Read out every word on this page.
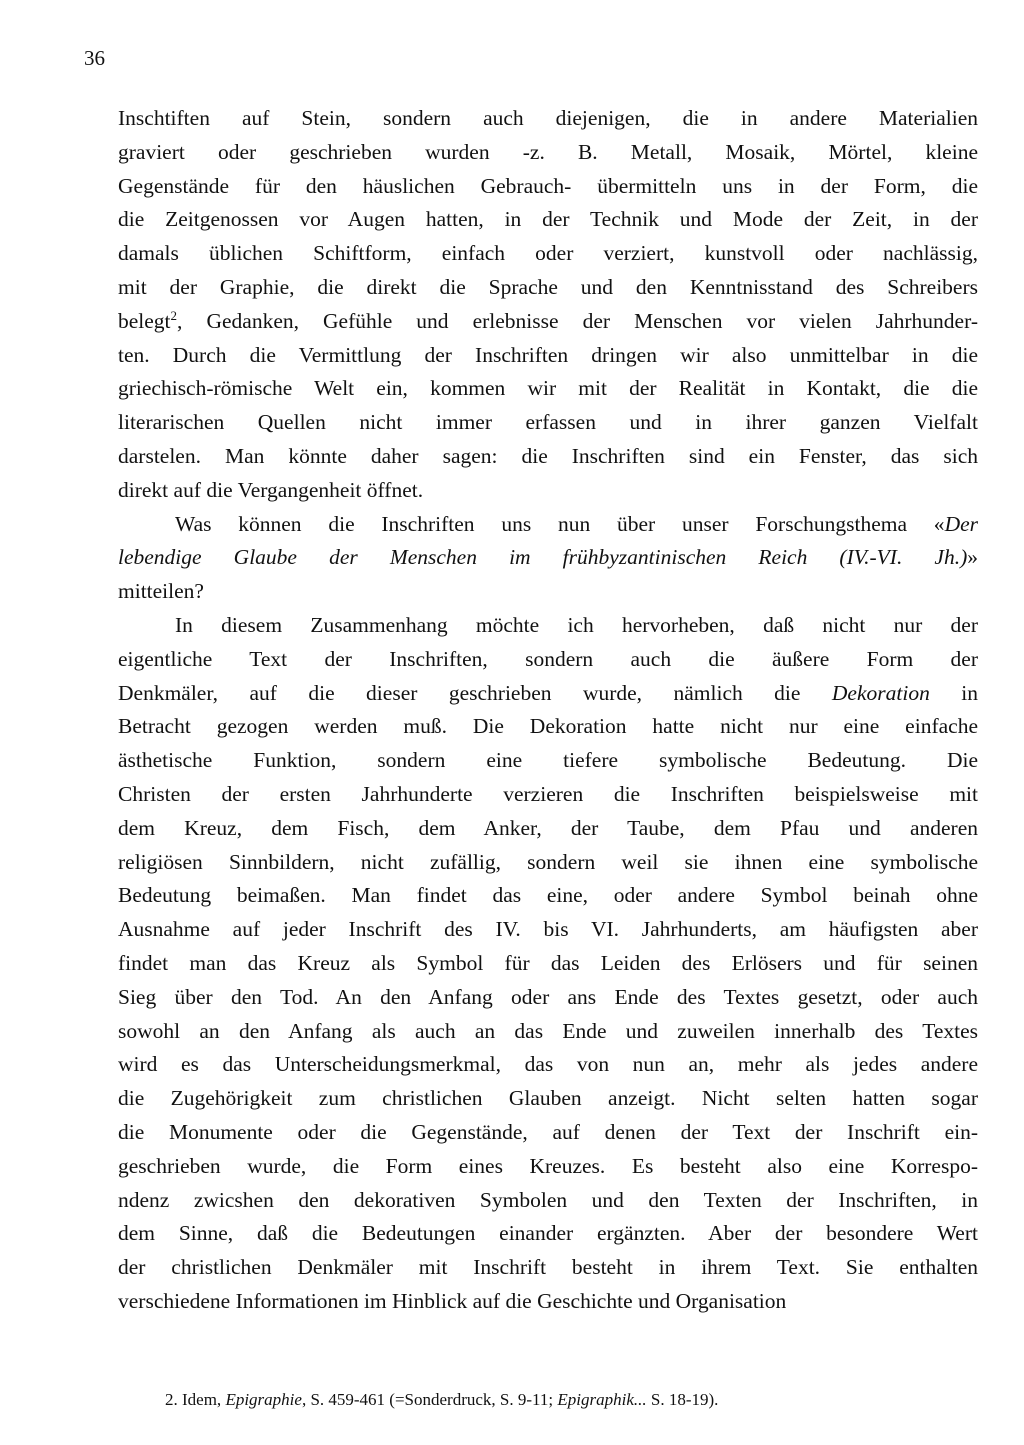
36
Inschtiften auf Stein, sondern auch diejenigen, die in andere Materialien
graviert oder geschrieben wurden -z. B. Metall, Mosaik, Mörtel, kleine
Gegenstände für den häuslichen Gebrauch- übermitteln uns in der Form, die
die Zeitgenossen vor Augen hatten, in der Technik und Mode der Zeit, in der
damals üblichen Schiftform, einfach oder verziert, kunstvoll oder nachlässig,
mit der Graphie, die direkt die Sprache und den Kenntnisstand des Schreibers
belegt$^2$, Gedanken, Gefühle und erlebnisse der Menschen vor vielen Jahrhunder-
ten. Durch die Vermittlung der Inschriften dringen wir also unmittelbar in die
griechisch-römische Welt ein, kommen wir mit der Realität in Kontakt, die die
literarischen Quellen nicht immer erfassen und in ihrer ganzen Vielfalt
darstelen. Man könnte daher sagen: die Inschriften sind ein Fenster, das sich
direkt auf die Vergangenheit öffnet.
Was können die Inschriften uns nun über unser Forschungsthema «Der
lebendige Glaube der Menschen im frühbyzantinischen Reich (IV.-VI. Jh.)»
mitteilen?
In diesem Zusammenhang möchte ich hervorheben, daß nicht nur der
eigentliche Text der Inschriften, sondern auch die äußere Form der
Denkmäler, auf die dieser geschrieben wurde, nämlich die Dekoration in
Betracht gezogen werden muß. Die Dekoration hatte nicht nur eine einfache
ästhetische Funktion, sondern eine tiefere symbolische Bedeutung. Die
Christen der ersten Jahrhunderte verzieren die Inschriften beispielsweise mit
dem Kreuz, dem Fisch, dem Anker, der Taube, dem Pfau und anderen
religiösen Sinnbildern, nicht zufällig, sondern weil sie ihnen eine symbolische
Bedeutung beimaßen. Man findet das eine, oder andere Symbol beinah ohne
Ausnahme auf jeder Inschrift des IV. bis VI. Jahrhunderts, am häufigsten aber
findet man das Kreuz als Symbol für das Leiden des Erlösers und für seinen
Sieg über den Tod. An den Anfang oder ans Ende des Textes gesetzt, oder auch
sowohl an den Anfang als auch an das Ende und zuweilen innerhalb des Textes
wird es das Unterscheidungsmerkmal, das von nun an, mehr als jedes andere
die Zugehörigkeit zum christlichen Glauben anzeigt. Nicht selten hatten sogar
die Monumente oder die Gegenstände, auf denen der Text der Inschrift ein-
geschrieben wurde, die Form eines Kreuzes. Es besteht also eine Korrespo-
ndenz zwicshen den dekorativen Symbolen und den Texten der Inschriften, in
dem Sinne, daß die Bedeutungen einander ergänzten. Aber der besondere Wert
der christlichen Denkmäler mit Inschrift besteht in ihrem Text. Sie enthalten
verschiedene Informationen im Hinblick auf die Geschichte und Organisation
2. Idem, Epigraphie, S. 459-461 (=Sonderdruck, S. 9-11; Epigraphik... S. 18-19).
